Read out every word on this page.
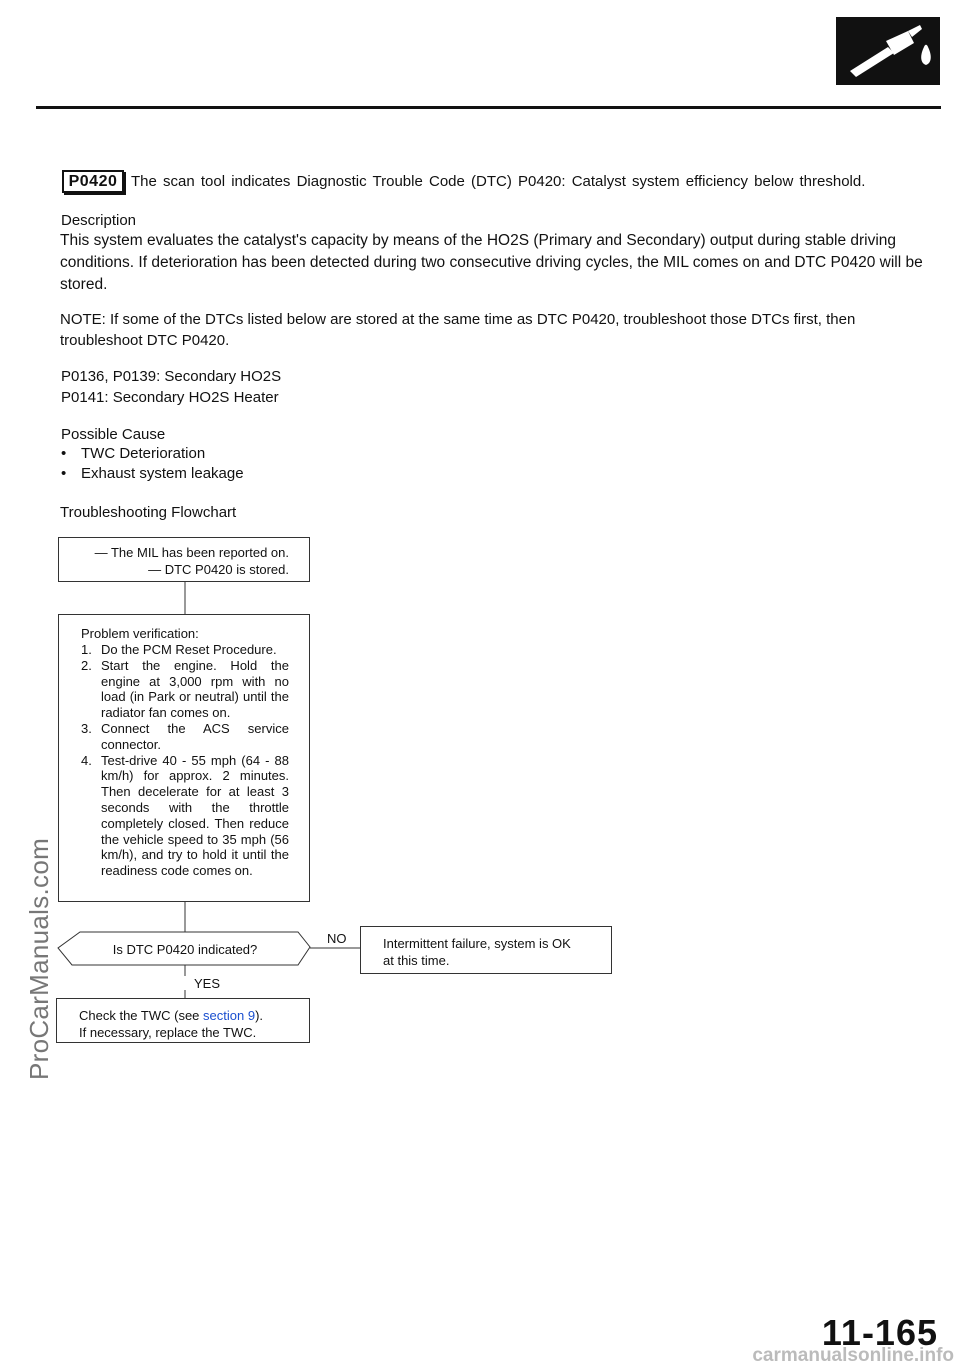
P0420 The scan tool indicates Diagnostic Trouble Code (DTC) P0420: Catalyst system efficiency below threshold.
Description
This system evaluates the catalyst's capacity by means of the HO2S (Primary and Secondary) output during stable driving conditions. If deterioration has been detected during two consecutive driving cycles, the MIL comes on and DTC P0420 will be stored.
NOTE: If some of the DTCs listed below are stored at the same time as DTC P0420, troubleshoot those DTCs first, then troubleshoot DTC P0420.
P0136, P0139: Secondary HO2S
P0141: Secondary HO2S Heater
Possible Cause
• TWC Deterioration
• Exhaust system leakage
Troubleshooting Flowchart
— The MIL has been reported on.
— DTC P0420 is stored.
Problem verification:
1. Do the PCM Reset Procedure.
2. Start the engine. Hold the engine at 3,000 rpm with no load (in Park or neutral) until the radiator fan comes on.
3. Connect the ACS service connector.
4. Test-drive 40 - 55 mph (64 - 88 km/h) for approx. 2 minutes. Then decelerate for at least 3 seconds with the throttle completely closed. Then reduce the vehicle speed to 35 mph (56 km/h), and try to hold it until the readiness code comes on.
Is DTC P0420 indicated?
NO
YES
Intermittent failure, system is OK
at this time.
Check the TWC (see section 9).
If necessary, replace the TWC.
ProCarManuals.com
11-165
carmanualsonline.info
